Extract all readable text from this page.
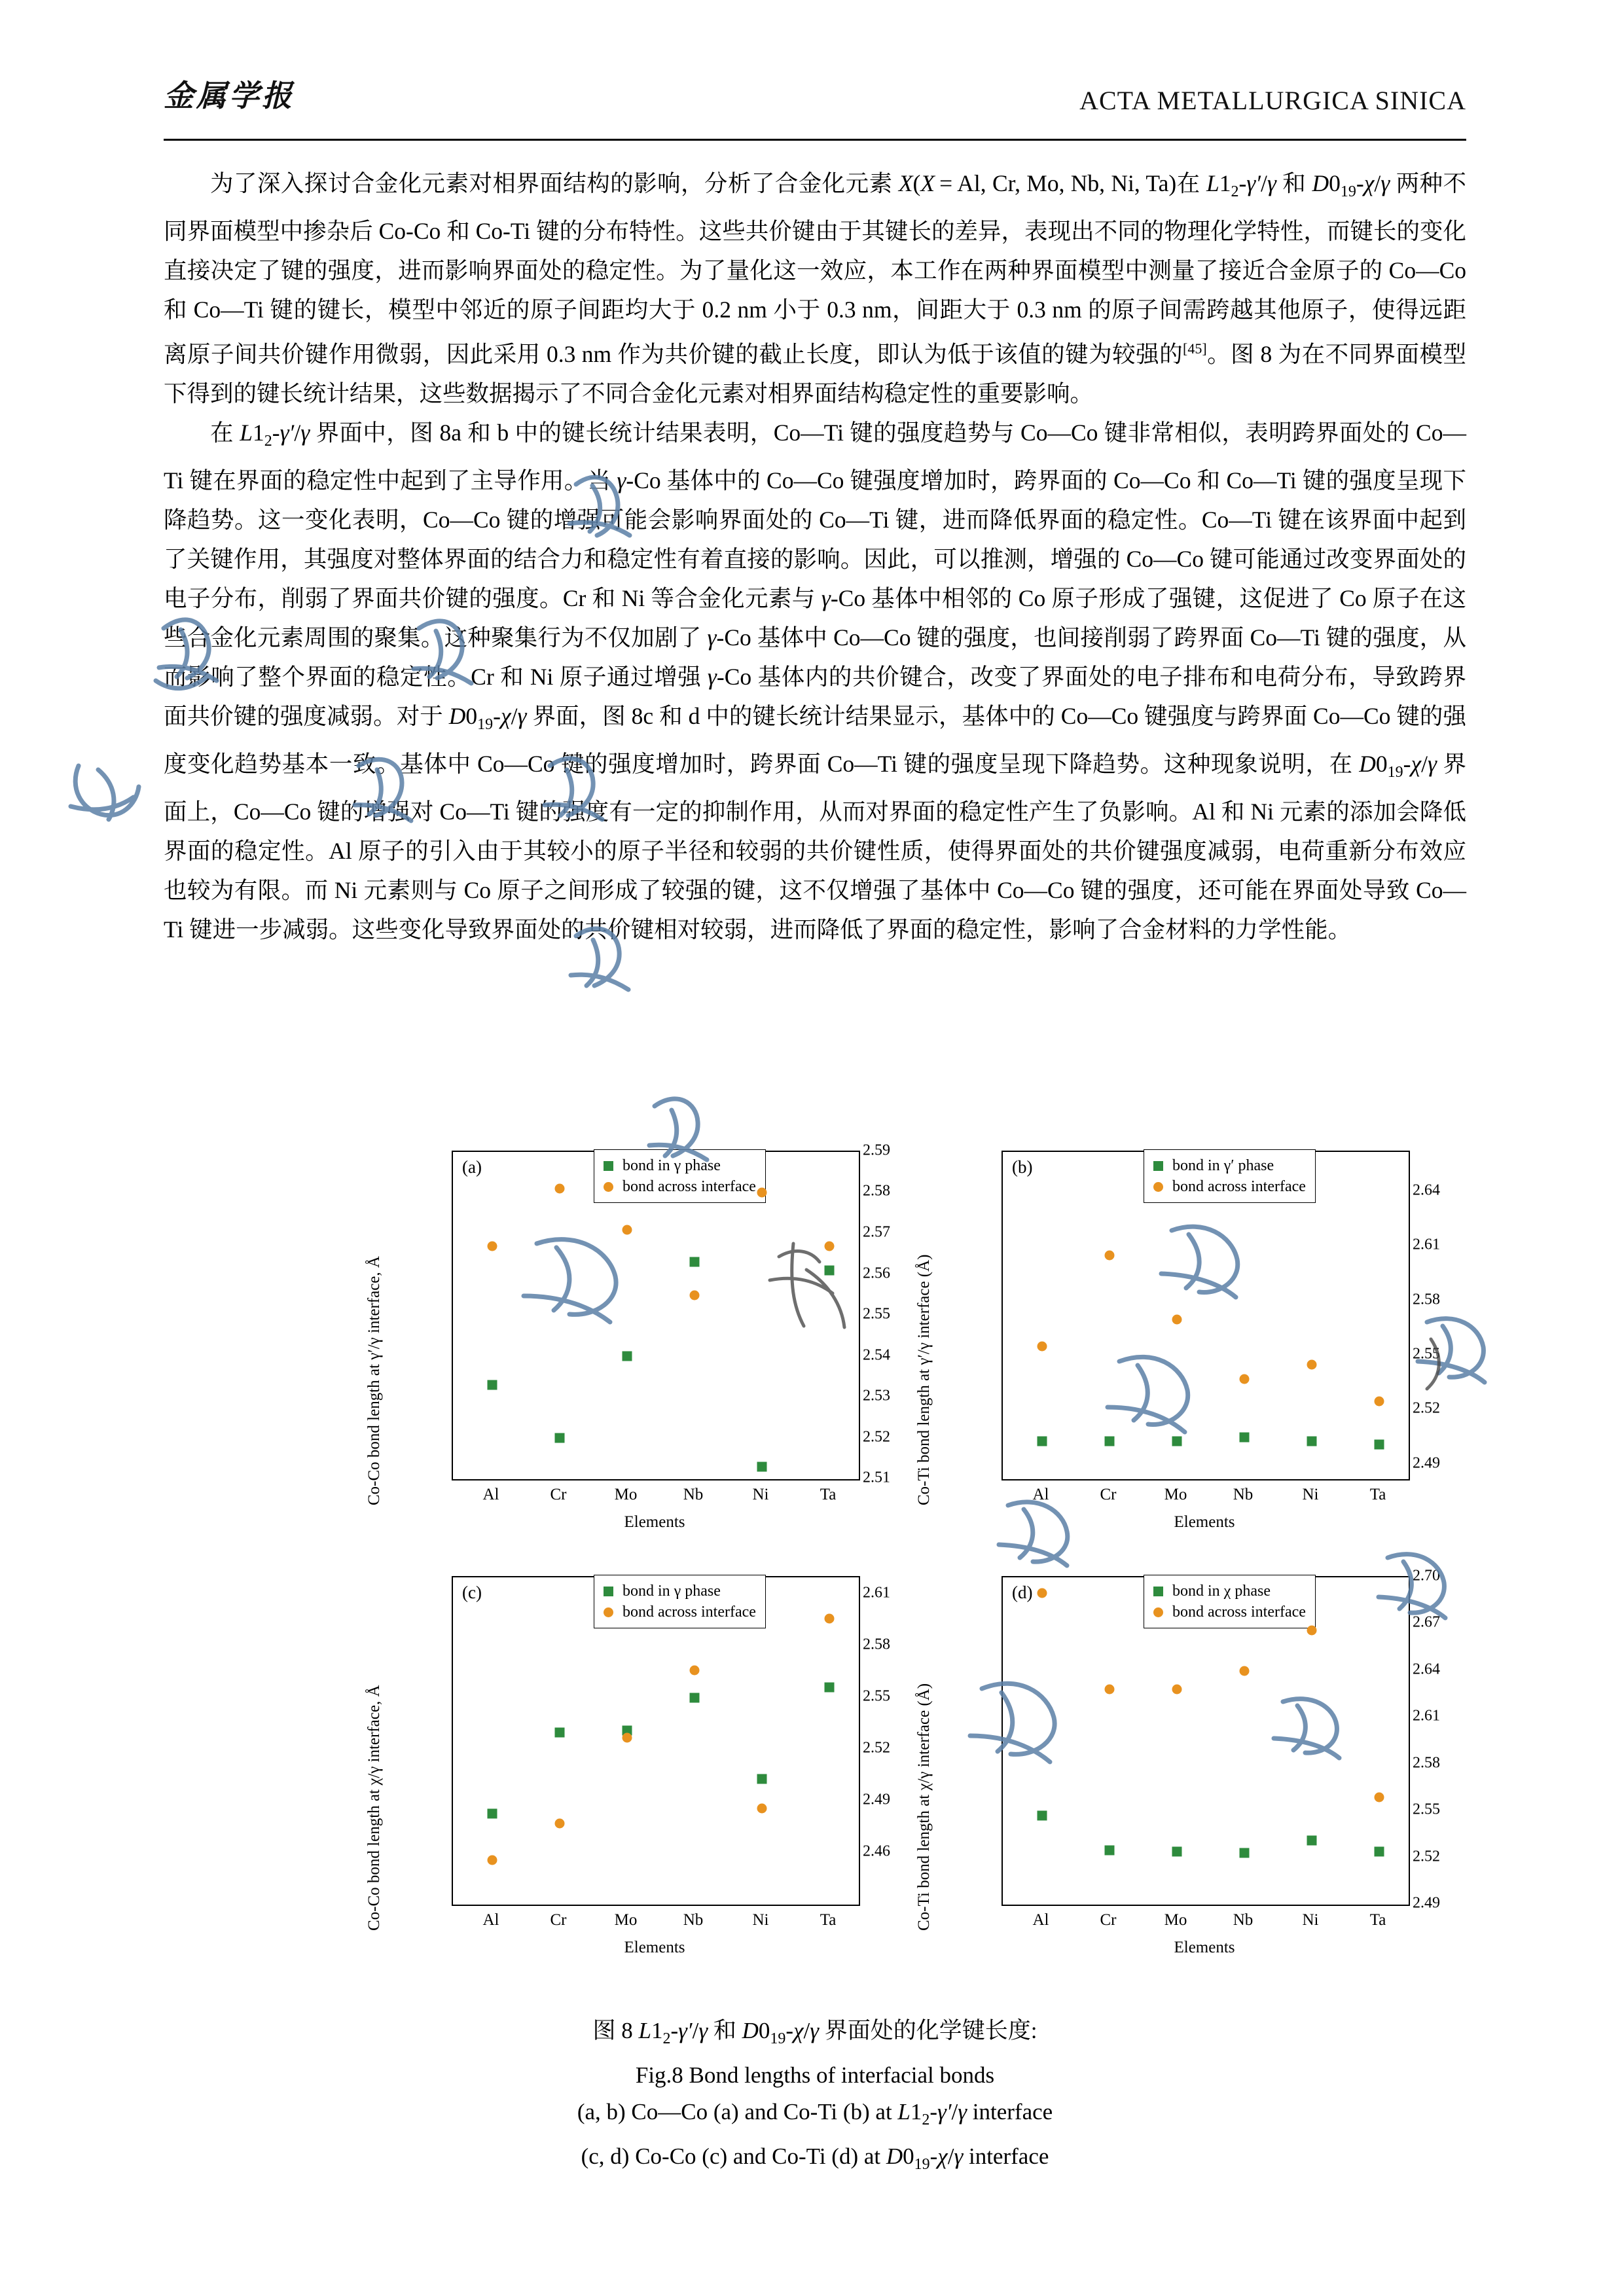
金属学报	ACTA METALLURGICA SINICA

为了深入探讨合金化元素对相界面结构的影响，分析了合金化元素 X(X = Al, Cr, Mo, Nb, Ni, Ta)在 $L1_2-\gamma'/\gamma$ 和 $D0_{19}-\chi/\gamma$ 两种不同界面模型中掺杂后 Co-Co 和 Co-Ti 键的分布特性。这些共价键由于其键长的差异，表现出不同的物理化学特性，而键长的变化直接决定了键的强度，进而影响界面处的稳定性。为了量化这一效应，本工作在两种界面模型中测量了接近合金原子的 Co—Co 和 Co—Ti 键的键长，模型中邻近的原子间距均大于 0.2 nm 小于 0.3 nm，间距大于 0.3 nm 的原子间需跨越其他原子，使得远距离原子间共价键作用微弱，因此采用 0.3 nm 作为共价键的截止长度，即认为低于该值的键为较强的[45]。图 8 为在不同界面模型下得到的键长统计结果，这些数据揭示了不同合金化元素对相界面结构稳定性的重要影响。

在 $L1_2-\gamma'/\gamma$ 界面中，图 8a 和 b 中的键长统计结果表明，Co—Ti 键的强度趋势与 Co—Co 键非常相似，表明跨界面处的 Co—Ti 键在界面的稳定性中起到了主导作用。当 γ-Co 基体中的 Co—Co 键强度增加时，跨界面的 Co—Co 和 Co—Ti 键的强度呈现下降趋势。这一变化表明，Co—Co 键的增强可能会影响界面处的 Co—Ti 键，进而降低界面的稳定性。Co—Ti 键在该界面中起到了关键作用，其强度对整体界面的结合力和稳定性有着直接的影响。因此，可以推测，增强的 Co—Co 键可能通过改变界面处的电子分布，削弱了界面共价键的强度。Cr 和 Ni 等合金化元素与 γ-Co 基体中相邻的 Co 原子形成了强键，这促进了 Co 原子在这些合金化元素周围的聚集。这种聚集行为不仅加剧了 γ-Co 基体中 Co—Co 键的强度，也间接削弱了跨界面 Co—Ti 键的强度，从而影响了整个界面的稳定性。Cr 和 Ni 原子通过增强 γ-Co 基体内的共价键合，改变了界面处的电子排布和电荷分布，导致跨界面共价键的强度减弱。对于 $D0_{19}-\chi/\gamma$ 界面，图 8c 和 d 中的键长统计结果显示，基体中的 Co—Co 键强度与跨界面 Co—Co 键的强度变化趋势基本一致。基体中 Co—Co 键的强度增加时，跨界面 Co—Ti 键的强度呈现下降趋势。这种现象说明，在 $D0_{19}-\chi/\gamma$ 界面上，Co—Co 键的增强对 Co—Ti 键的强度有一定的抑制作用，从而对界面的稳定性产生了负影响。Al 和 Ni 元素的添加会降低界面的稳定性。Al 原子的引入由于其较小的原子半径和较弱的共价键性质，使得界面处的共价键强度减弱，电荷重新分布效应也较为有限。而 Ni 元素则与 Co 原子之间形成了较强的键，这不仅增强了基体中 Co—Co 键的强度，还可能在界面处导致 Co—Ti 键进一步减弱。这些变化导致界面处的共价键相对较弱，进而降低了界面的稳定性，影响了合金材料的力学性能。

Co-Co bond length at γ′/γ interface, Å
bond in γ phase
bond across interface
(a)
2.59
2.58
2.57
2.56
2.55
2.54
2.53
2.52
2.51
Al	Cr	Mo	Nb	Ni	Ta
Elements
Co-Ti bond length at γ′/γ interface (Å)
bond in γ′ phase
bond across interface
(b)
2.64
2.61
2.58
2.55
2.52
2.49
Al	Cr	Mo	Nb	Ni	Ta
Elements
Co-Co bond length at χ/γ interface, Å
bond in γ phase
bond across interface
(c)	2.61
2.58
2.55
2.52
2.49
2.46
Al	Cr	Mo	Nb	Ni	Ta
Elements
Co-Ti bond length at χ/γ interface (Å)
bond in χ phase
bond across interface
(d)
2.70
2.67
2.64
2.61
2.58
2.55
2.52
2.49
Al	Cr	Mo	Nb	Ni	Ta
Elements
图 8 $L1_2-\gamma'/\gamma$ 和 $D0_{19}-\chi/\gamma$ 界面处的化学键长度:
Fig.8 Bond lengths of interfacial bonds
(a, b) Co—Co (a) and Co-Ti (b) at $L1_2-\gamma'/\gamma$ interface
(c, d) Co-Co (c) and Co-Ti (d) at $D0_{19}-\chi/\gamma$ interface
